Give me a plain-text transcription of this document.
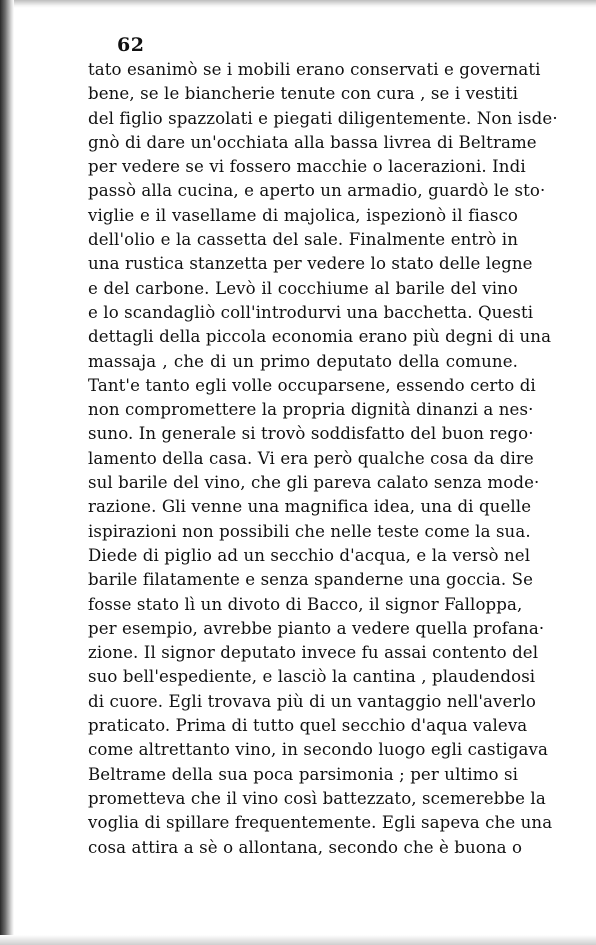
62
tato esanimò se i mobili erano conservati e governati
bene, se le biancherie tenute con cura , se i vestiti
del figlio spazzolati e piegati diligentemente. Non isde·
gnò di dare un'occhiata alla bassa livrea di Beltrame
per vedere se vi fossero macchie o lacerazioni. Indi
passò alla cucina, e aperto un armadio, guardò le sto·
viglie e il vasellame di majolica, ispezionò il fiasco
dell'olio e la cassetta del sale. Finalmente entrò in
una rustica stanzetta per vedere lo stato delle legne
e del carbone. Levò il cocchiume al barile del vino
e lo scandagliò coll'introdurvi una bacchetta. Questi
dettagli della piccola economia erano più degni di una
massaja , che di un primo deputato della comune.
Tant'e tanto egli volle occuparsene, essendo certo di
non compromettere la propria dignità dinanzi a nes·
suno. In generale si trovò soddisfatto del buon rego·
lamento della casa. Vi era però qualche cosa da dire
sul barile del vino, che gli pareva calato senza mode·
razione. Gli venne una magnifica idea, una di quelle
ispirazioni non possibili che nelle teste come la sua.
Diede di piglio ad un secchio d'acqua, e la versò nel
barile filatamente e senza spanderne una goccia. Se
fosse stato lì un divoto di Bacco, il signor Falloppa,
per esempio, avrebbe pianto a vedere quella profana·
zione. Il signor deputato invece fu assai contento del
suo bell'espediente, e lasciò la cantina , plaudendosi
di cuore. Egli trovava più di un vantaggio nell'averlo
praticato. Prima di tutto quel secchio d'aqua valeva
come altrettanto vino, in secondo luogo egli castigava
Beltrame della sua poca parsimonia ; per ultimo si
prometteva che il vino così battezzato, scemerebbe la
voglia di spillare frequentemente. Egli sapeva che una
cosa attira a sè o allontana, secondo che è buona o
